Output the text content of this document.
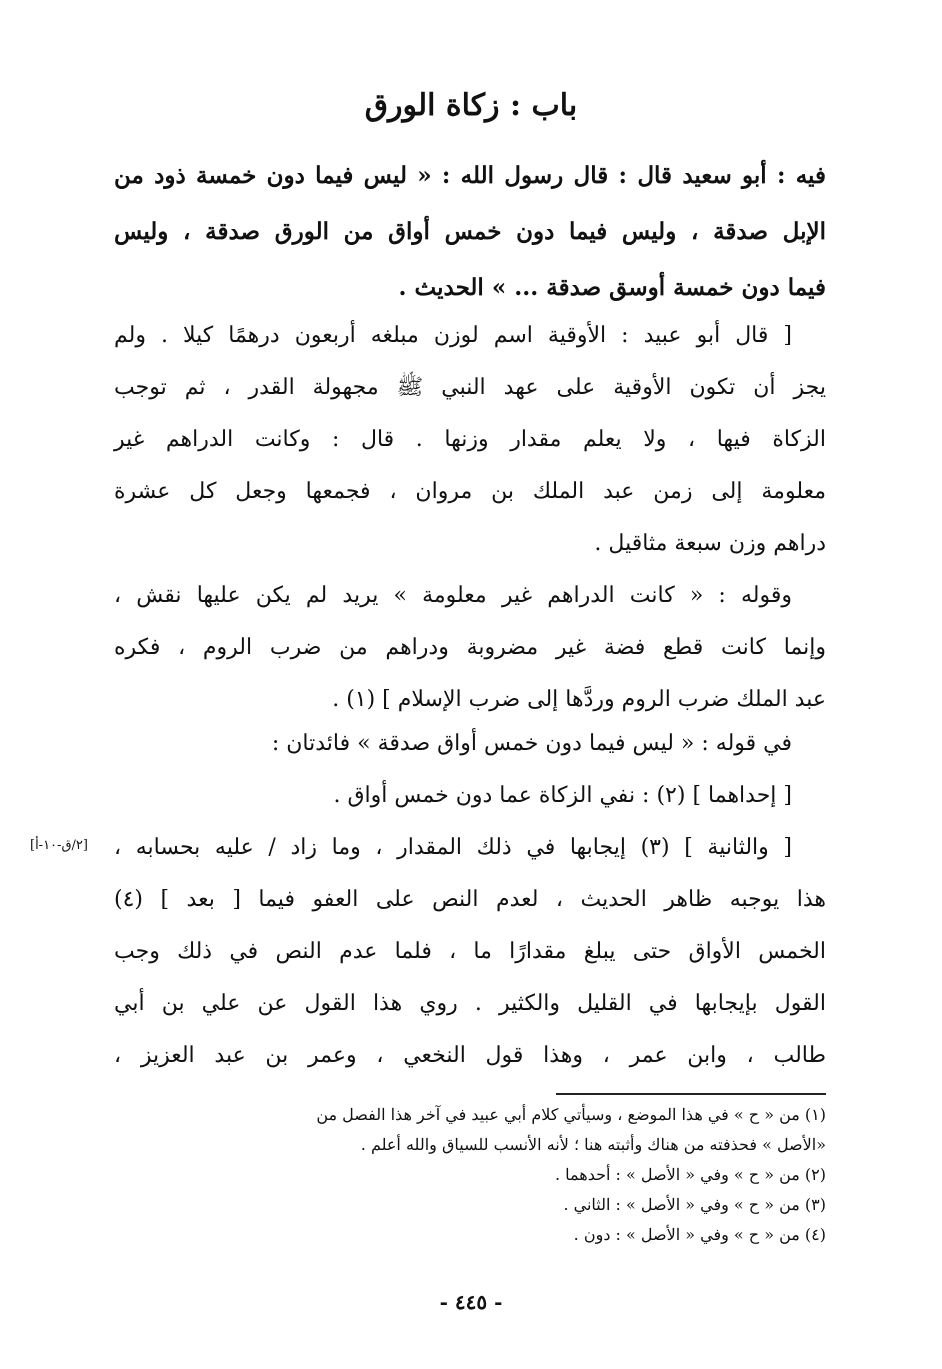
باب : زكاة الورق
فيه : أبو سعيد قال : قال رسول الله : « ليس فيما دون خمسة ذود من
الإبل صدقة ، وليس فيما دون خمس أواق من الورق صدقة ، وليس
فيما دون خمسة أوسق صدقة ... » الحديث .
[ قال أبو عبيد : الأوقية اسم لوزن مبلغه أربعون درهمًا كيلا . ولم
يجز أن تكون الأوقية على عهد النبي ﷺ مجهولة القدر ، ثم توجب
الزكاة فيها ، ولا يعلم مقدار وزنها . قال : وكانت الدراهم غير
معلومة إلى زمن عبد الملك بن مروان ، فجمعها وجعل كل عشرة
دراهم وزن سبعة مثاقيل .
وقوله : « كانت الدراهم غير معلومة » يريد لم يكن عليها نقش ،
وإنما كانت قطع فضة غير مضروبة ودراهم من ضرب الروم ، فكره
عبد الملك ضرب الروم وردَّها إلى ضرب الإسلام ] (١) .
في قوله : « ليس فيما دون خمس أواق صدقة » فائدتان :
[ إحداهما ] (٢) : نفي الزكاة عما دون خمس أواق .
[ والثانية ] (٣) إيجابها في ذلك المقدار ، وما زاد / عليه بحسابه ،
هذا يوجبه ظاهر الحديث ، لعدم النص على العفو فيما [ بعد ] (٤)
الخمس الأواق حتى يبلغ مقدارًا ما ، فلما عدم النص في ذلك وجب
القول بإيجابها في القليل والكثير . روي هذا القول عن علي بن أبي
طالب ، وابن عمر ، وهذا قول النخعي ، وعمر بن عبد العزيز ،
[٢/ق-١٠-أ]
(١) من « ح » في هذا الموضع ، وسيأتي كلام أبي عبيد في آخر هذا الفصل من
«الأصل » فحذفته من هناك وأثبته هنا ؛ لأنه الأنسب للسياق والله أعلم .
(٢) من « ح » وفي « الأصل » : أحدهما .
(٣) من « ح » وفي « الأصل » : الثاني .
(٤) من « ح » وفي « الأصل » : دون .
- ٤٤٥ -
